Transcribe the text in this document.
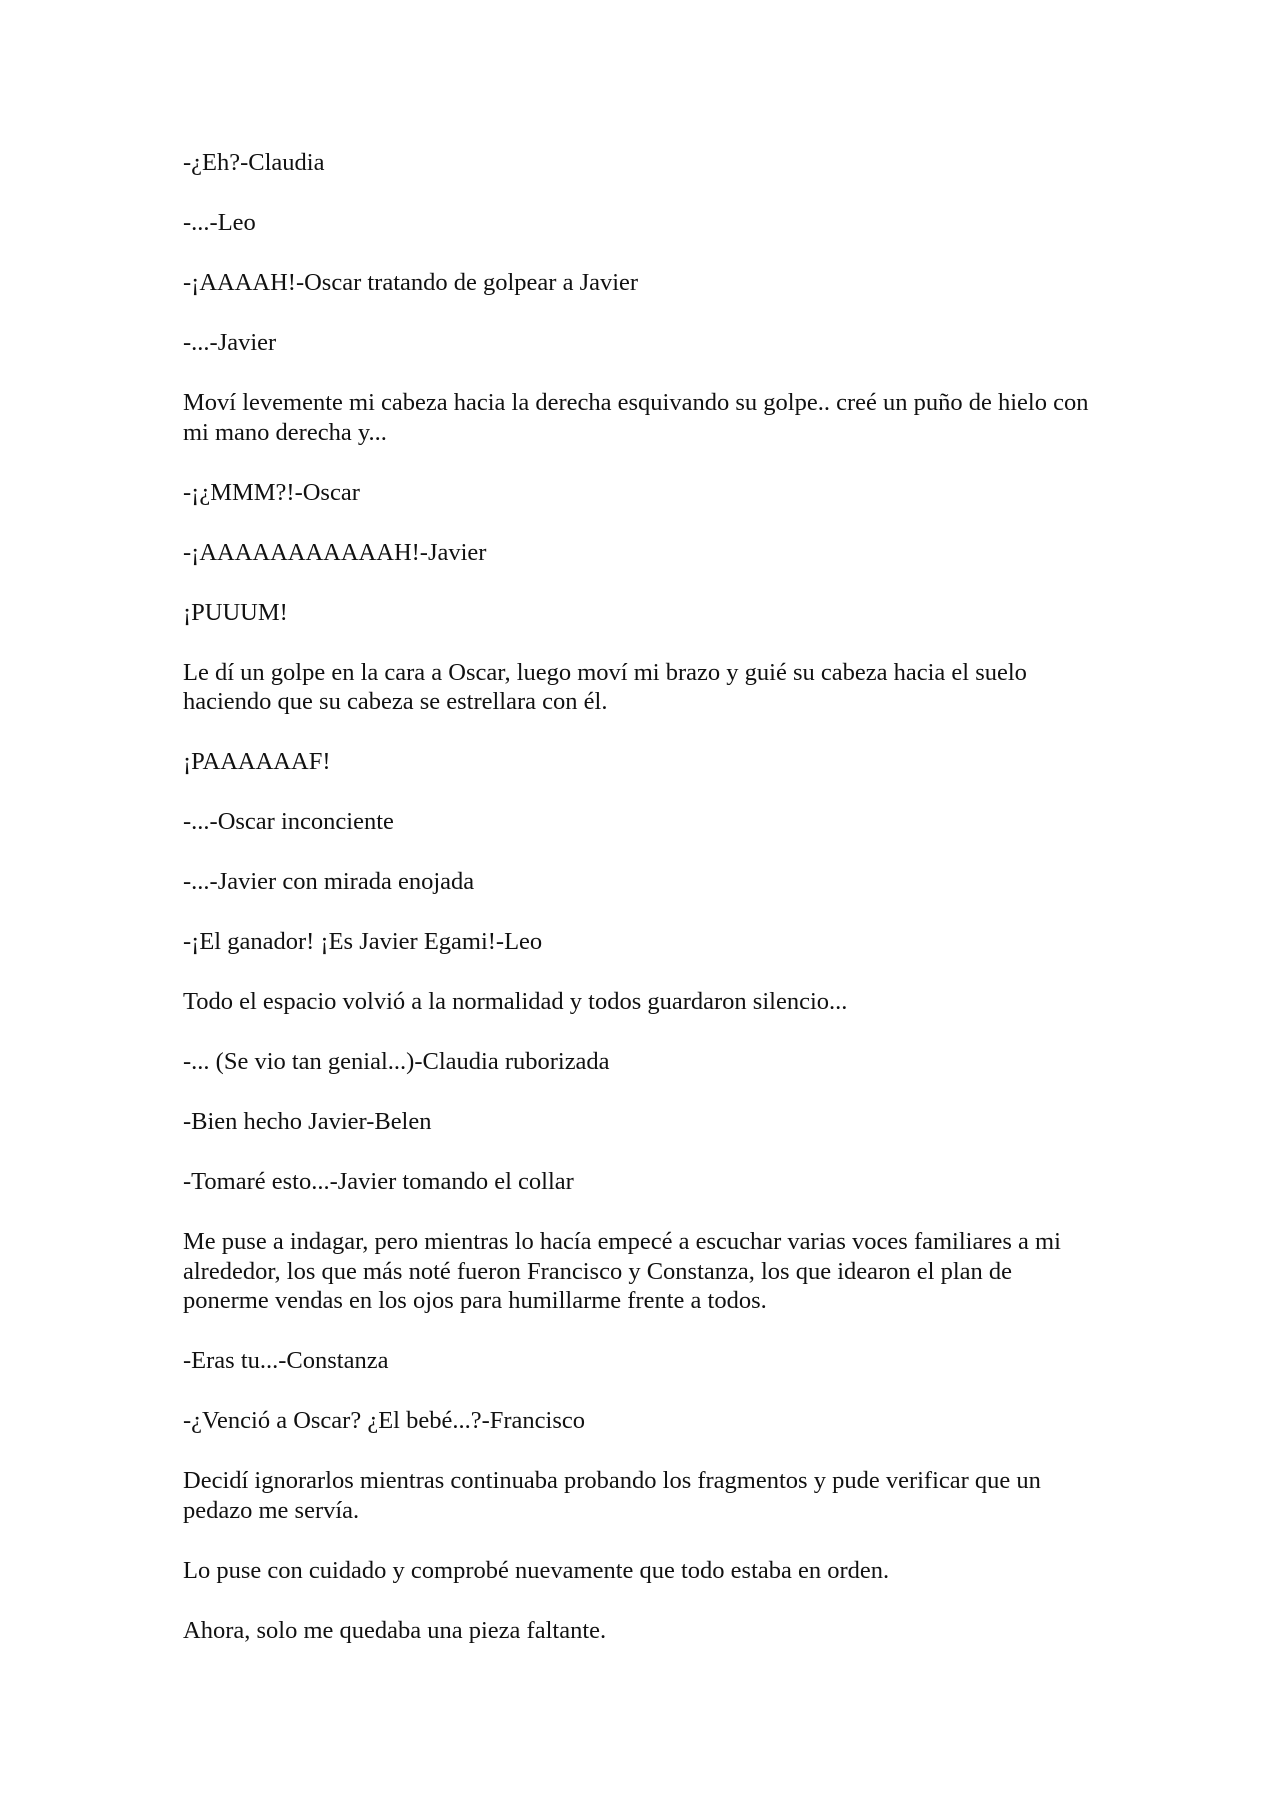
-¿Eh?-Claudia

-...-Leo

-¡AAAAH!-Oscar tratando de golpear a Javier

-...-Javier

Moví levemente mi cabeza hacia la derecha esquivando su golpe.. creé un puño de hielo con mi mano derecha y...

-¡¿MMM?!-Oscar

-¡AAAAAAAAAAAH!-Javier

¡PUUUM!

Le dí un golpe en la cara a Oscar, luego moví mi brazo y guié su cabeza hacia el suelo haciendo que su cabeza se estrellara con él.

¡PAAAAAAF!

-...-Oscar inconciente

-...-Javier con mirada enojada

-¡El ganador! ¡Es Javier Egami!-Leo

Todo el espacio volvió a la normalidad y todos guardaron silencio...

-... (Se vio tan genial...)-Claudia ruborizada

-Bien hecho Javier-Belen

-Tomaré esto...-Javier tomando el collar

Me puse a indagar, pero mientras lo hacía empecé a escuchar varias voces familiares a mi alrededor, los que más noté fueron Francisco y Constanza, los que idearon el plan de ponerme vendas en los ojos para humillarme frente a todos.

-Eras tu...-Constanza

-¿Venció a Oscar? ¿El bebé...?-Francisco

Decidí ignorarlos mientras continuaba probando los fragmentos y pude verificar que un pedazo me servía.

Lo puse con cuidado y comprobé nuevamente que todo estaba en orden.

Ahora, solo me quedaba una pieza faltante.
